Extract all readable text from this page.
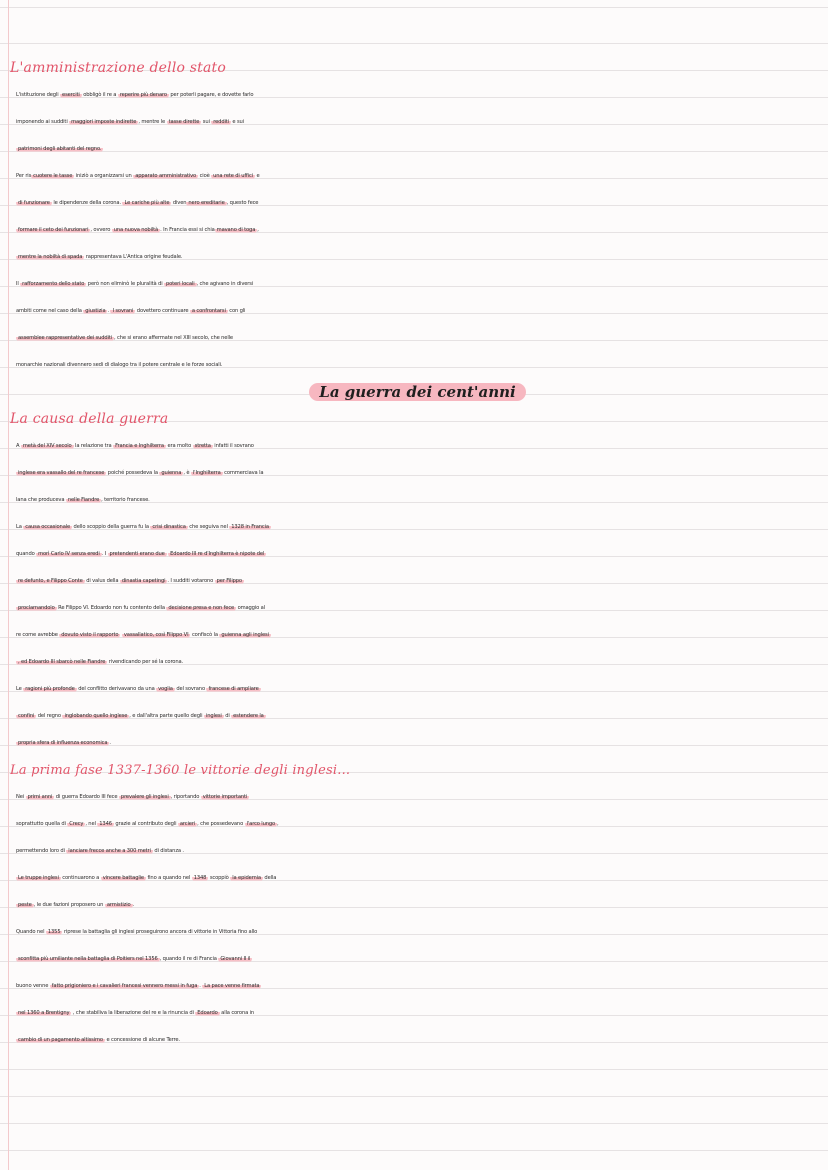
L'amministrazione dello stato
L'istituzione degli eserciti obbligò il re a reperire più denaro per poterli pagare, e dovette farlo
imponendo ai sudditi maggiori imposte indirette , mentre le tasse dirette sui redditi e sui
patrimoni degli abitanti del regno.
Per ris cuotere le tasse iniziò a organizzarsi un apparato amministrativo cioè una rete di uffici e
di funzionare le dipendenze della corona. Le cariche più alte diven nero ereditarie , questo fece
formare il ceto dei funzionari , ovvero una nuova nobiltà . In Francia essi si chia mavano di toga ,
mentre la nobiltà di spada rappresentava L'Antica origine feudale.
Il rafforzamento dello stato però non eliminò le pluralità di poteri locali , che agivano in diversi
ambiti come nel caso della giustizia . I sovrani dovettero continuare a confrontarsi con gli
assemblee rappresentative dei sudditi , che si erano affermate nel XIII secolo, che nelle
monarchie nazionali divennero sedi di dialogo tra il potere centrale e le forze sociali.
La guerra dei cent'anni
La causa della guerra
A metà del XIV secolo la relazione tra Francia e Inghilterra era molto stretta infatti il sovrano
inglese era vassallo del re francese poiché possedeva la guienna , è l'Inghilterra commerciava la
lana che produceva nelle Fiandre , territorio francese.
La causa occasionale dello scoppio della guerra fu la crisi dinastica che seguiva nel 1328 in Francia
quando morì Carlo IV senza eredi . I pretendenti erano due Edoardo III re d'Inghilterra è nipote del
re defunto, e Filippo Conte di valus della dinastia capetingi . I sudditi votarono per Filippo
proclamandolo Re Filippo VI. Edoardo non fu contento della decisione presa e non fece omaggio al
re come avrebbe dovuto visto il rapporto vassallatico, così Filippo VI confiscò la guienna agli inglesi
, ed Edoardo III sbarcò nelle Fiandre rivendicando per sé la corona.
Le ragioni più profonde del conflitto derivavano da una voglia del sovrano francese di ampliare
confini del regno inglobando quello inglese , e dall'altra parte quello degli inglesi di estendere la
propria sfera di influenza economica .
La prima fase 1337-1360 le vittorie degli inglesi...
Nei primi anni di guerra Edoardo III fece prevalere gli inglesi , riportando vittorie importanti
soprattutto quella di Crecy , nel 1346 grazie al contributo degli arcieri , che possedevano l'arco lungo ,
permettendo loro di lanciare frecce anche a 300 metri di distanza .
Le truppe inglesi continuarono a vincere battaglie fino a quando nel 1348 scoppiò la epidemia della
peste , le due fazioni proposero un armistizio .
Quando nel 1355 riprese la battaglia gli inglesi proseguirono ancora di vittorie in Vittoria fino allo
sconfitta più umiliante nella battaglia di Poitiers nel 1356 , quando il re di Francia Giovanni II il
buono venne fatto prigioniero e i cavalieri francesi vennero messi in fuga . La pace venne firmata
nel 1360 a Brentigny , che stabiliva la liberazione del re e la rinuncia di Edoardo alla corona in
cambio di un pagamento altissimo e concessione di alcune Terre.
